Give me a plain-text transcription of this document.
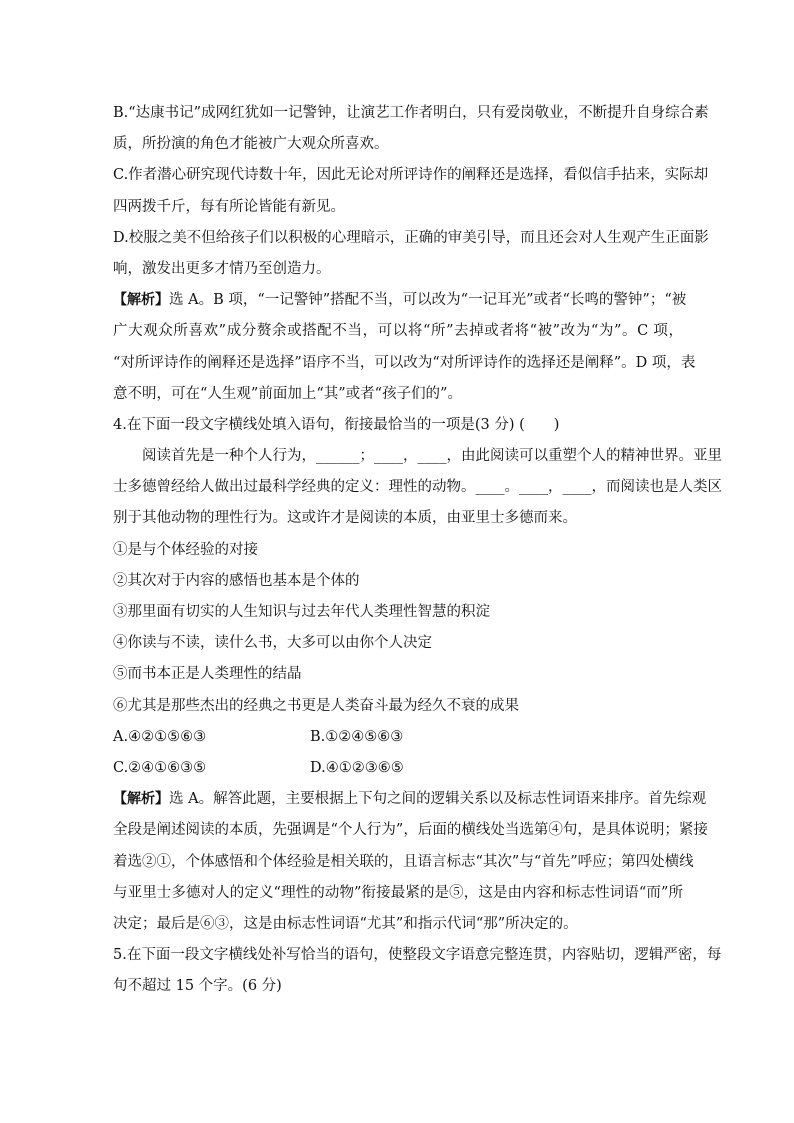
B.“达康书记”成网红犹如一记警钟，让演艺工作者明白，只有爱岗敬业，不断提升自身综合素
质，所扮演的角色才能被广大观众所喜欢。
C.作者潜心研究现代诗数十年，因此无论对所评诗作的阐释还是选择，看似信手拈来，实际却
四两拨千斤，每有所论皆能有新见。
D.校服之美不但给孩子们以积极的心理暗示，正确的审美引导，而且还会对人生观产生正面影
响，激发出更多才情乃至创造力。
【解析】选 A。B 项，“一记警钟”搭配不当，可以改为“一记耳光”或者“长鸣的警钟”；“被
广大观众所喜欢”成分赘余或搭配不当，可以将“所”去掉或者将“被”改为“为”。C 项，
“对所评诗作的阐释还是选择”语序不当，可以改为“对所评诗作的选择还是阐释”。D 项，表
意不明，可在“人生观”前面加上“其”或者“孩子们的”。
4.在下面一段文字横线处填入语句，衔接最恰当的一项是(3 分) (　　)
阅读首先是一种个人行为，______；____，____，由此阅读可以重塑个人的精神世界。亚里
士多德曾经给人做出过最科学经典的定义：理性的动物。____。____，____，而阅读也是人类区
别于其他动物的理性行为。这或许才是阅读的本质，由亚里士多德而来。
①是与个体经验的对接
②其次对于内容的感悟也基本是个体的
③那里面有切实的人生知识与过去年代人类理性智慧的积淀
④你读与不读，读什么书，大多可以由你个人决定
⑤而书本正是人类理性的结晶
⑥尤其是那些杰出的经典之书更是人类奋斗最为经久不衰的成果
A.④②①⑤⑥③	B.①②④⑤⑥③
C.②④①⑥③⑤	D.④①②③⑥⑤
【解析】选 A。解答此题，主要根据上下句之间的逻辑关系以及标志性词语来排序。首先综观
全段是阐述阅读的本质，先强调是“个人行为”，后面的横线处当选第④句，是具体说明；紧接
着选②①，个体感悟和个体经验是相关联的，且语言标志“其次”与“首先”呼应；第四处横线
与亚里士多德对人的定义“理性的动物”衔接最紧的是⑤，这是由内容和标志性词语“而”所
决定；最后是⑥③，这是由标志性词语“尤其”和指示代词“那”所决定的。
5.在下面一段文字横线处补写恰当的语句，使整段文字语意完整连贯，内容贴切，逻辑严密，每
句不超过 15 个字。(6 分)
